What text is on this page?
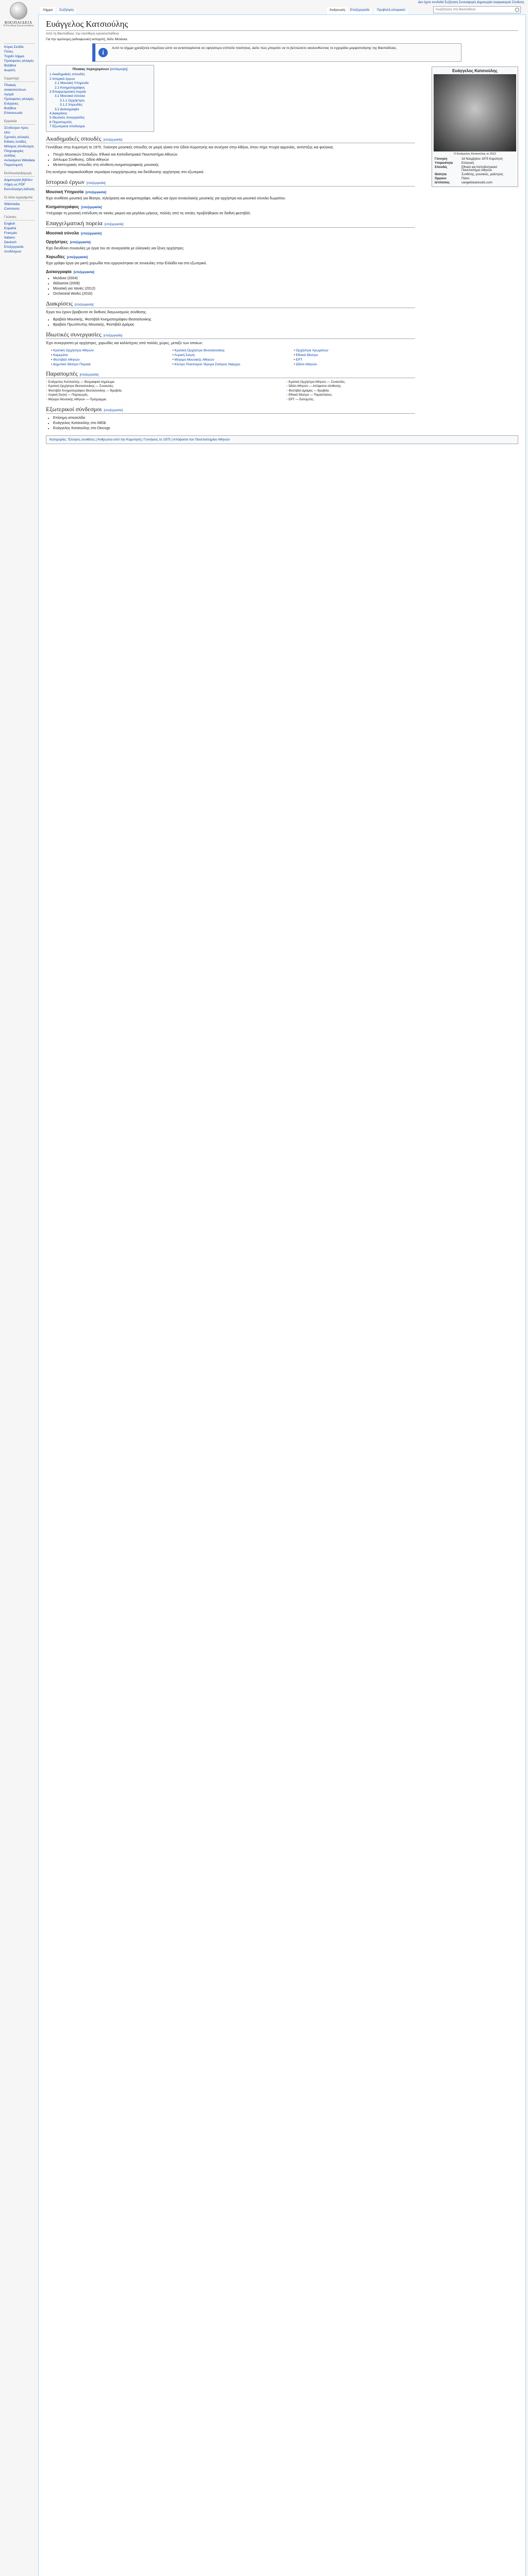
ΒΙΚΙΠΑΙΔΕΙΑ
Η Ελεύθερη Εγκυκλοπαίδεια
Κύρια Σελίδα
Πύλες
Τυχαίο λήμμα
Πρόσφατες αλλαγές
Βοήθεια
Δωρεές
Συμμετοχή
Πίνακας ανακοινώσεων
Αγορά
Πρόσφατες αλλαγές
Ενέργειες
Βοήθεια
Επικοινωνία
Εργαλεία
Σύνδεσμοι προς εδώ
Σχετικές αλλαγές
Ειδικές σελίδες
Μόνιμος σύνδεσμος
Πληροφορίες σελίδας
Αντικείμενο Wikidata
Παραπομπή
Εκτύπωση/εξαγωγή
Δημιουργία βιβλίου
Λήψη ως PDF
Εκτυπώσιμη έκδοση
Σε άλλα εγχειρήματα
Wikimedia Commons
Γλώσσες
English
Español
Français
Italiano
Deutsch
Επεξεργασία συνδέσμων
Δεν έχετε συνδεθεί Συζήτηση Συνεισφορές Δημιουργία λογαριασμού Σύνδεση
Λήμμα	Συζήτηση	Ανάγνωση	Επεξεργασία	Προβολή ιστορικού	Αναζήτηση στη Βικιπαίδεια
Ευάγγελος Κατσιούλης
Από τη Βικιπαίδεια, την ελεύθερη εγκυκλοπαίδεια
Για την ομώνυμη ραδιοφωνική εκπομπή, δείτε Μελάνια.
i
Αυτό το λήμμα χρειάζεται επιμέλεια ώστε να ανταποκρίνεται σε υψηλότερο επίπεδο ποιότητας. Δείτε πώς μπορείτε να το βελτιώσετε ακολουθώντας το εγχειρίδιο μορφοποίησης της Βικιπαίδειας.
Ευάγγελος Κατσιούλης
Ο Ευάγγελος Κατσιούλης το 2012
Γέννηση	18 Νοεμβρίου 1975 Κομοτηνή
Υπηκοότητα	Ελληνική
Σπουδές	Εθνικό και Καποδιστριακό Πανεπιστήμιο Αθηνών
Ιδιότητα	Συνθέτης, μουσικός, μαέστρος
Όργανο	Πιάνο
Ιστότοπος	vangeliskatsioulis.com
Πίνακας περιεχομένων [απόκρυψη]
1 Ακαδημαϊκές σπουδές
2 Ιστορικό έργων
2.1 Μουσική Υπηρεσία
2.2 Κινηματογράφος
3 Επαγγελματική πορεία
3.1 Μουσικά σύνολα
3.1.1 Ορχήστρες
3.1.2 Χορωδίες
3.2 Δισκογραφία
4 Διακρίσεις
5 Ιδιωτικές συνεργασίες
6 Παραπομπές
7 Εξωτερικοί σύνδεσμοι
Ακαδημαϊκές σπουδές [επεξεργασία]

Γεννήθηκε στην Κομοτηνή το 1975. Ξεκίνησε μουσικές σπουδές σε μικρή ηλικία στο Ωδείο Κομοτηνής και συνέχισε στην Αθήνα, όπου πήρε πτυχία αρμονίας, αντίστιξης και φούγκας.

• Πτυχίο Μουσικών Σπουδών, Εθνικό και Καποδιστριακό Πανεπιστήμιο Αθηνών
• Δίπλωμα Σύνθεσης, Ωδείο Αθηνών
• Μεταπτυχιακές σπουδές στη σύνθεση κινηματογραφικής μουσικής

Στη συνέχεια παρακολούθησε σεμινάρια ενορχήστρωσης και διεύθυνσης ορχήστρας στο εξωτερικό.

Ιστορικό έργων [επεξεργασία]
Μουσική Υπηρεσία [επεξεργασία]

Έχει συνθέσει μουσική για θέατρο, τηλεόραση και κινηματογράφο, καθώς και έργα συναυλιακής μουσικής για ορχήστρα και μουσικά σύνολα δωματίου.

Κινηματογράφος [επεξεργασία]

Υπέγραψε τη μουσική επένδυση σε ταινίες μικρού και μεγάλου μήκους, πολλές από τις οποίες προβλήθηκαν σε διεθνή φεστιβάλ.

Επαγγελματική πορεία [επεξεργασία]
Μουσικά σύνολα [επεξεργασία]
Ορχήστρες [επεξεργασία]

Έχει διευθύνει συναυλίες με έργα του σε συνεργασία με ελληνικές και ξένες ορχήστρες.

Χορωδίες [επεξεργασία]

Έχει γράψει έργα για μικτή χορωδία που ερμηνεύτηκαν σε συναυλίες στην Ελλάδα και στο εξωτερικό.

Δισκογραφία [επεξεργασία]
• Μελάνια (2004)
• Θάλασσα (2008)
• Μουσική για ταινίες (2012)
• Orchestral Works (2016)
Διακρίσεις [επεξεργασία]

Έργα του έχουν βραβευτεί σε διεθνείς διαγωνισμούς σύνθεσης.

• Βραβείο Μουσικής, Φεστιβάλ Κινηματογράφου Θεσσαλονίκης
• Βραβείο Πρωτότυπης Μουσικής, Φεστιβάλ Δράμας
Ιδιωτικές συνεργασίες [επεξεργασία]

Έχει συνεργαστεί με ορχήστρες, χορωδίες και καλλιτέχνες από πολλές χώρες, μεταξύ των οποίων:

• Κρατική Ορχήστρα Αθηνών	• Κρατική Ορχήστρα Θεσσαλονίκης	• Ορχήστρα Χρωμάτων
• Καμεράτα	• Λυρική Σκηνή	• Εθνικό Θέατρο
• Φεστιβάλ Αθηνών	• Μέγαρο Μουσικής Αθηνών	• ΕΡΤ
• Δημοτικό Θέατρο Πειραιά	• Κέντρο Πολιτισμού Ίδρυμα Σταύρος Νιάρχος	• Ωδείο Αθηνών
Παραπομπές [επεξεργασία]
↑ Ευάγγελος Κατσιούλης — Βιογραφικό σημείωμα.	↑ Κρατική Ορχήστρα Αθηνών — Συναυλίες.
↑ Κρατική Ορχήστρα Θεσσαλονίκης — Συναυλίες.	↑ Ωδείο Αθηνών — Απόφοιτοι σύνθεσης.
↑ Φεστιβάλ Κινηματογράφου Θεσσαλονίκης — Βραβεία.	↑ Φεστιβάλ Δράμας — Βραβεία.
↑ Λυρική Σκηνή — Παραγωγές.	↑ Εθνικό Θέατρο — Παραστάσεις.
↑ Μέγαρο Μουσικής Αθηνών — Πρόγραμμα.	↑ ΕΡΤ — Εκπομπές.
Εξωτερικοί σύνδεσμοι [επεξεργασία]
• Επίσημη ιστοσελίδα
• Ευάγγελος Κατσιούλης στο IMDb
• Ευάγγελος Κατσιούλης στο Discogs
Κατηγορίες: Έλληνες συνθέτες | Άνθρωποι από την Κομοτηνή | Γεννήσεις το 1975 | Απόφοιτοι του Πανεπιστημίου Αθηνών
